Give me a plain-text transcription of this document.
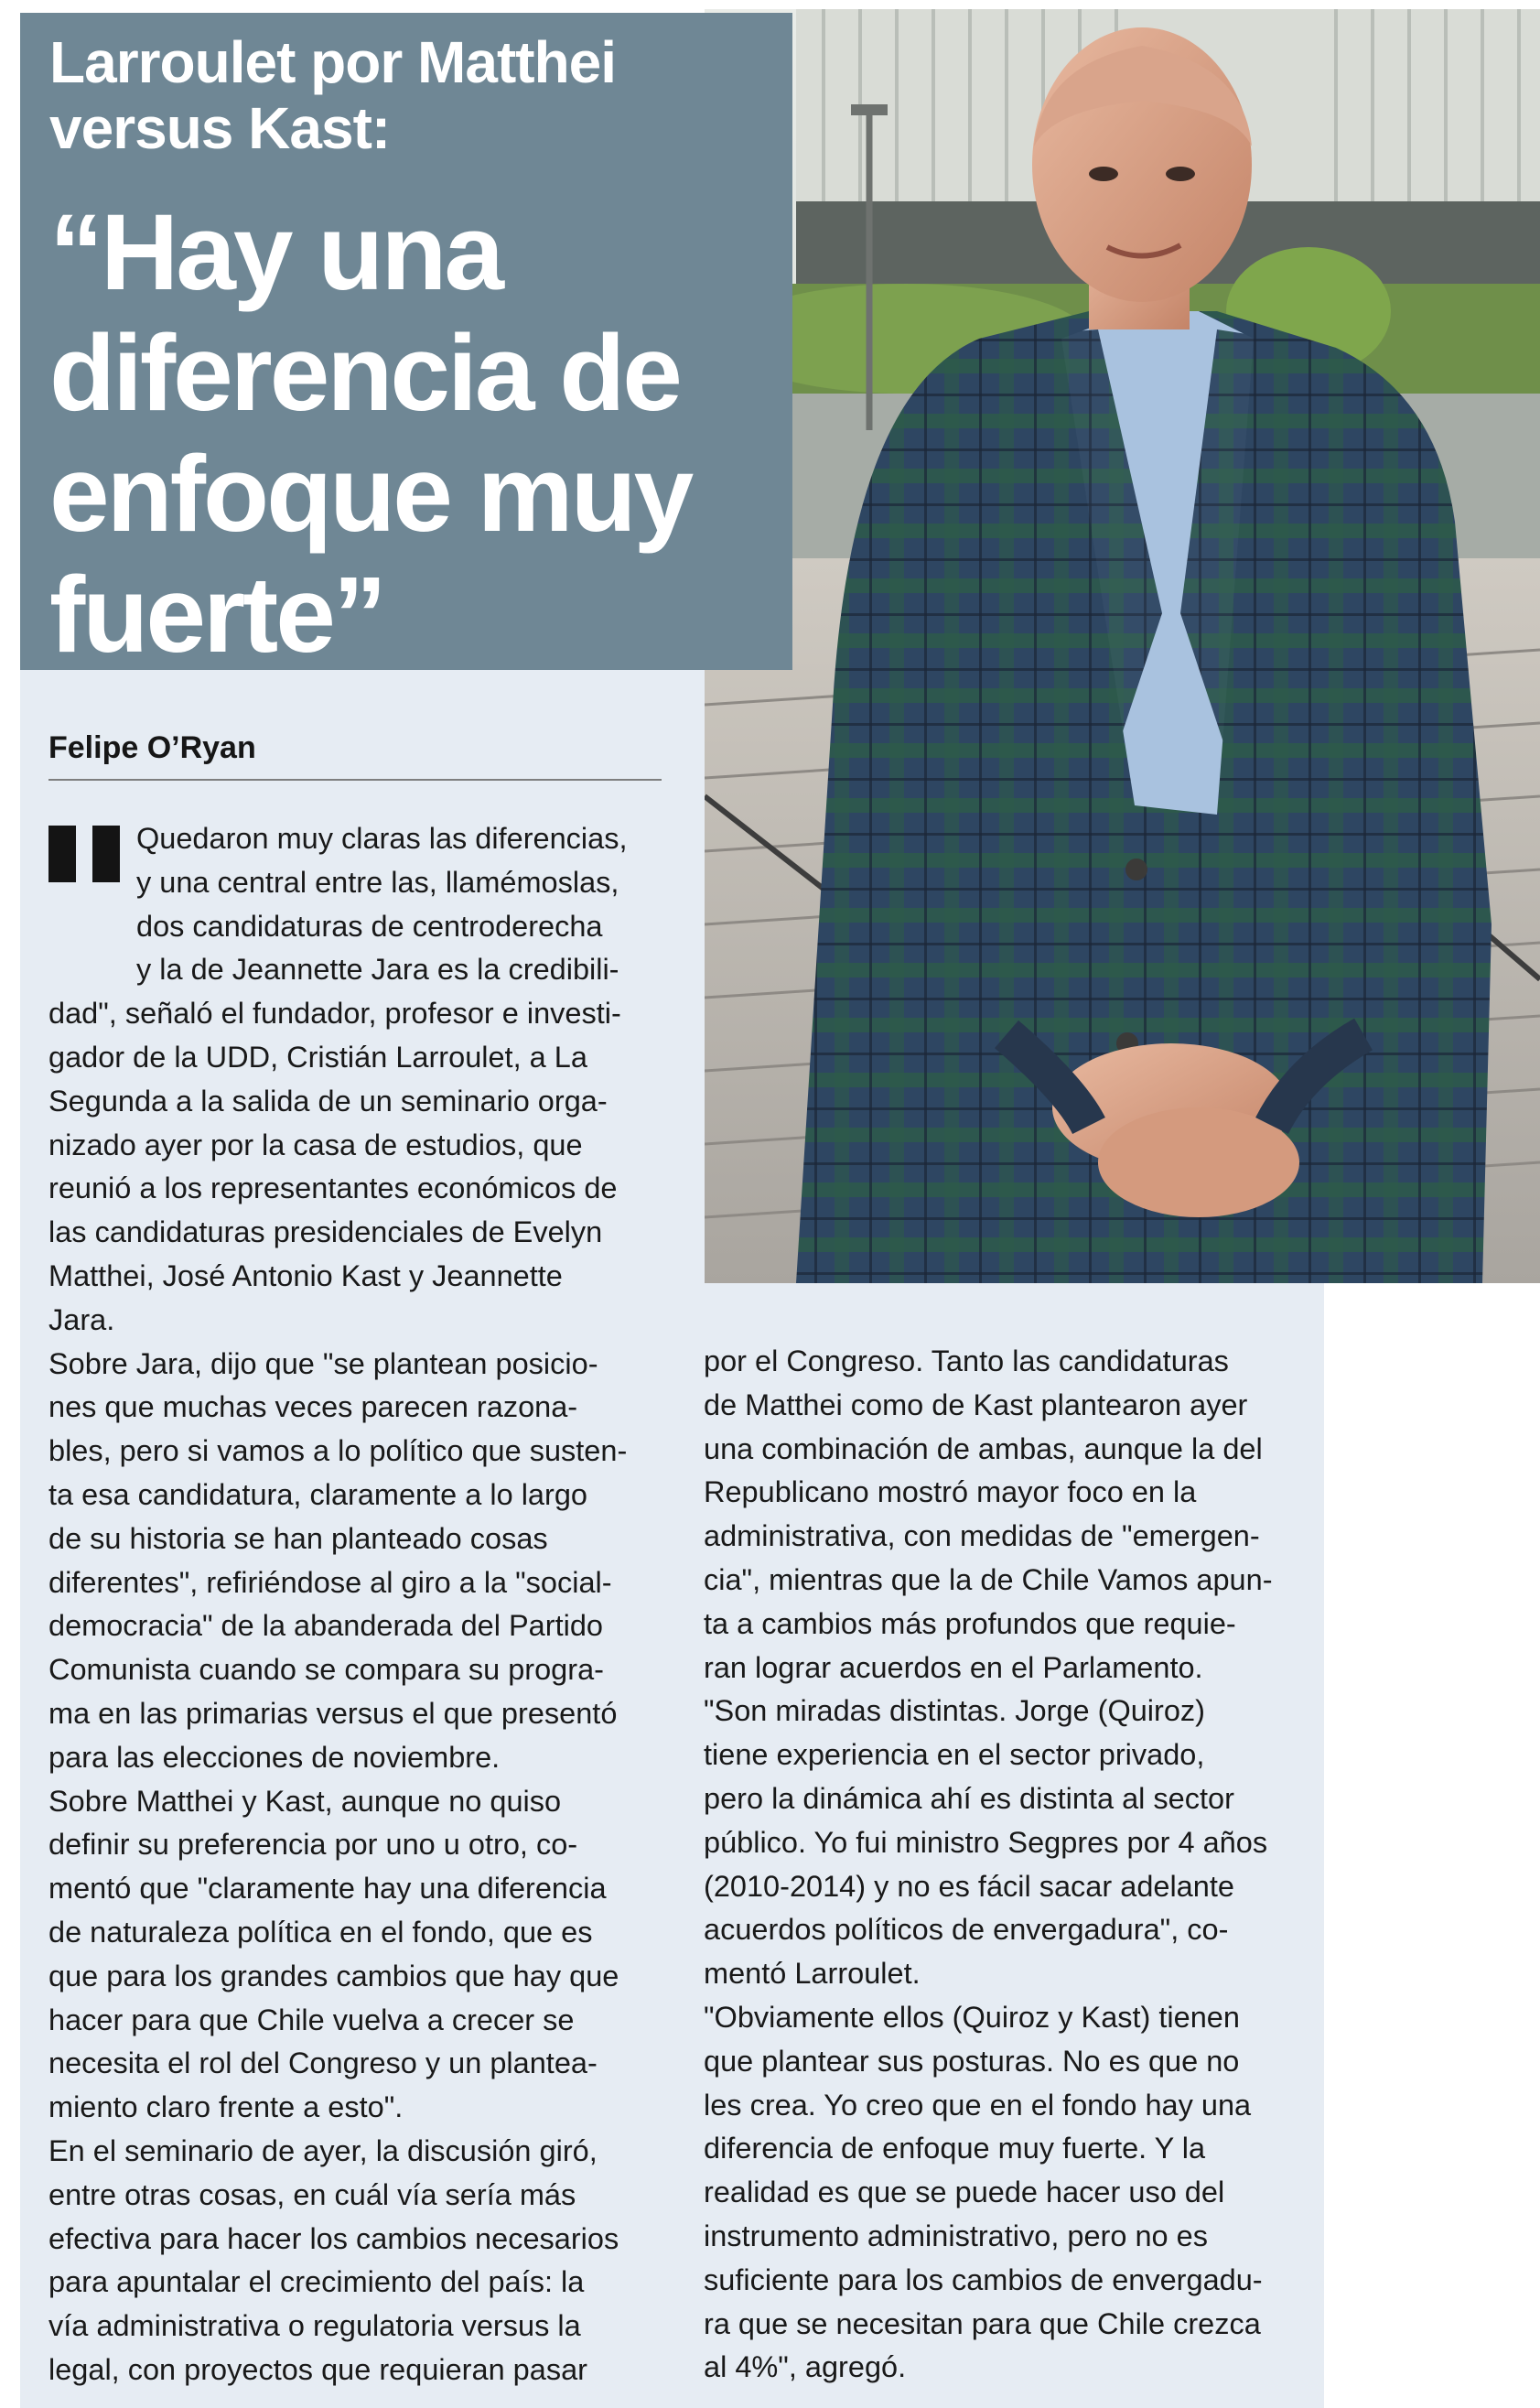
Larroulet por Matthei versus Kast:
“Hay una diferencia de enfoque muy fuerte”
Felipe O’Ryan

Quedaron muy claras las diferencias,

y una central entre las, llamémoslas,

dos candidaturas de centroderecha

y la de Jeannette Jara es la credibili-

dad", señaló el fundador, profesor e investi-

gador de la UDD, Cristián Larroulet, a La

Segunda a la salida de un seminario orga-

nizado ayer por la casa de estudios, que

reunió a los representantes económicos de

las candidaturas presidenciales de Evelyn

Matthei, José Antonio Kast y Jeannette

Jara.

Sobre Jara, dijo que "se plantean posicio-

nes que muchas veces parecen razona-

bles, pero si vamos a lo político que susten-

ta esa candidatura, claramente a lo largo

de su historia se han planteado cosas

diferentes", refiriéndose al giro a la "social-

democracia" de la abanderada del Partido

Comunista cuando se compara su progra-

ma en las primarias versus el que presentó

para las elecciones de noviembre.

Sobre Matthei y Kast, aunque no quiso

definir su preferencia por uno u otro, co-

mentó que "claramente hay una diferencia

de naturaleza política en el fondo, que es

que para los grandes cambios que hay que

hacer para que Chile vuelva a crecer se

necesita el rol del Congreso y un plantea-

miento claro frente a esto".

En el seminario de ayer, la discusión giró,

entre otras cosas, en cuál vía sería más

efectiva para hacer los cambios necesarios

para apuntalar el crecimiento del país: la

vía administrativa o regulatoria versus la

legal, con proyectos que requieran pasar

por el Congreso. Tanto las candidaturas

de Matthei como de Kast plantearon ayer

una combinación de ambas, aunque la del

Republicano mostró mayor foco en la

administrativa, con medidas de "emergen-

cia", mientras que la de Chile Vamos apun-

ta a cambios más profundos que requie-

ran lograr acuerdos en el Parlamento.

"Son miradas distintas. Jorge (Quiroz)

tiene experiencia en el sector privado,

pero la dinámica ahí es distinta al sector

público. Yo fui ministro Segpres por 4 años

(2010-2014) y no es fácil sacar adelante

acuerdos políticos de envergadura", co-

mentó Larroulet.

"Obviamente ellos (Quiroz y Kast) tienen

que plantear sus posturas. No es que no

les crea. Yo creo que en el fondo hay una

diferencia de enfoque muy fuerte. Y la

realidad es que se puede hacer uso del

instrumento administrativo, pero no es

suficiente para los cambios de envergadu-

ra que se necesitan para que Chile crezca

al 4%", agregó.
